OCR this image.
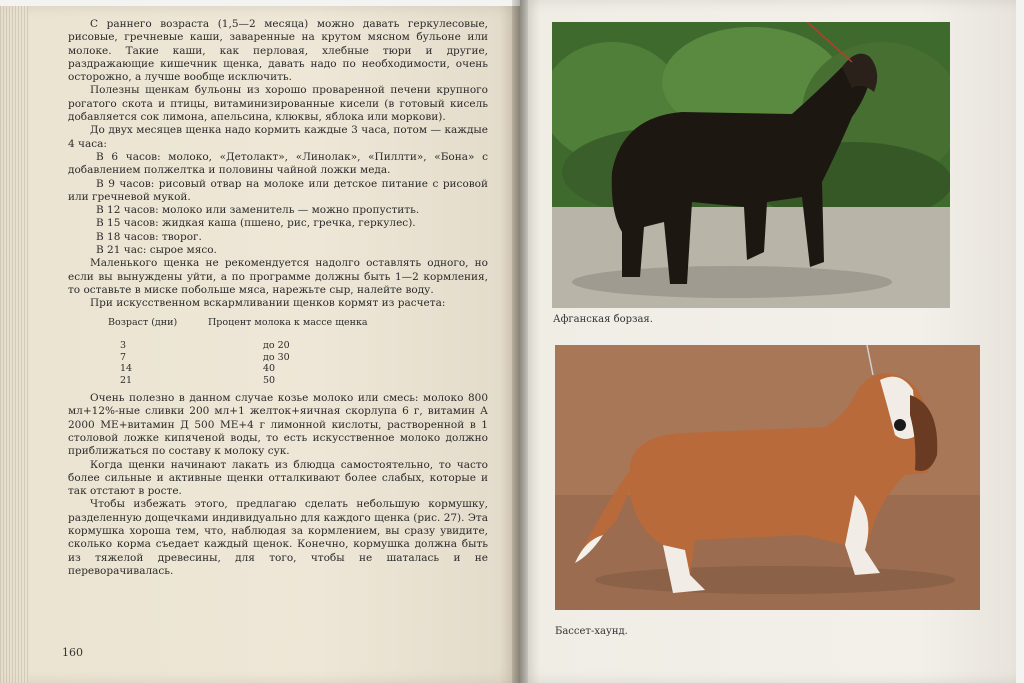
С раннего возраста (1,5—2 месяца) можно давать геркулесовые, рисовые, гречневые каши, заваренные на крутом мясном бульоне или молоке. Такие каши, как перловая, хлебные тюри и другие, раздражающие кишечник щенка, давать надо по необходимости, очень осторожно, а лучше вообще исключить.

Полезны щенкам бульоны из хорошо проваренной печени крупного рогатого скота и птицы, витаминизированные кисели (в готовый кисель добавляется сок лимона, апельсина, клюквы, яблока или моркови).

До двух месяцев щенка надо кормить каждые 3 часа, потом — каждые 4 часа:

В 6 часов: молоко, «Детолакт», «Линолак», «Пиллти», «Бона» с добавлением полжелтка и половины чайной ложки меда.

В 9 часов: рисовый отвар на молоке или детское питание с рисовой или гречневой мукой.

В 12 часов: молоко или заменитель — можно пропустить.

В 15 часов: жидкая каша (пшено, рис, гречка, геркулес).

В 18 часов: творог.

В 21 час: сырое мясо.

Маленького щенка не рекомендуется надолго оставлять одного, но если вы вынуждены уйти, а по программе должны быть 1—2 кормления, то оставьте в миске побольше мяса, нарежьте сыр, налейте воду.

При искусственном вскармливании щенков кормят из расчета:

Возраст (дни)	Процент молока к массе щенка
3	до 20
7	до 30
14	40
21	50

Очень полезно в данном случае козье молоко или смесь: молоко 800 мл+12%-ные сливки 200 мл+1 желток+яичная скорлупа 6 г, витамин А 2000 МЕ+витамин Д 500 МЕ+4 г лимонной кислоты, растворенной в 1 столовой ложке кипяченой воды, то есть искусственное молоко должно приближаться по составу к молоку сук.

Когда щенки начинают лакать из блюдца самостоятельно, то часто более сильные и активные щенки отталкивают более слабых, которые и так отстают в росте.

Чтобы избежать этого, предлагаю сделать небольшую кормушку, разделенную дощечками индивидуально для каждого щенка (рис. 27). Эта кормушка хороша тем, что, наблюдая за кормлением, вы сразу увидите, сколько корма съедает каждый щенок. Конечно, кормушка должна быть из тяжелой древесины, для того, чтобы не шаталась и не переворачивалась.

160
Афганская борзая.
Бассет-хаунд.
